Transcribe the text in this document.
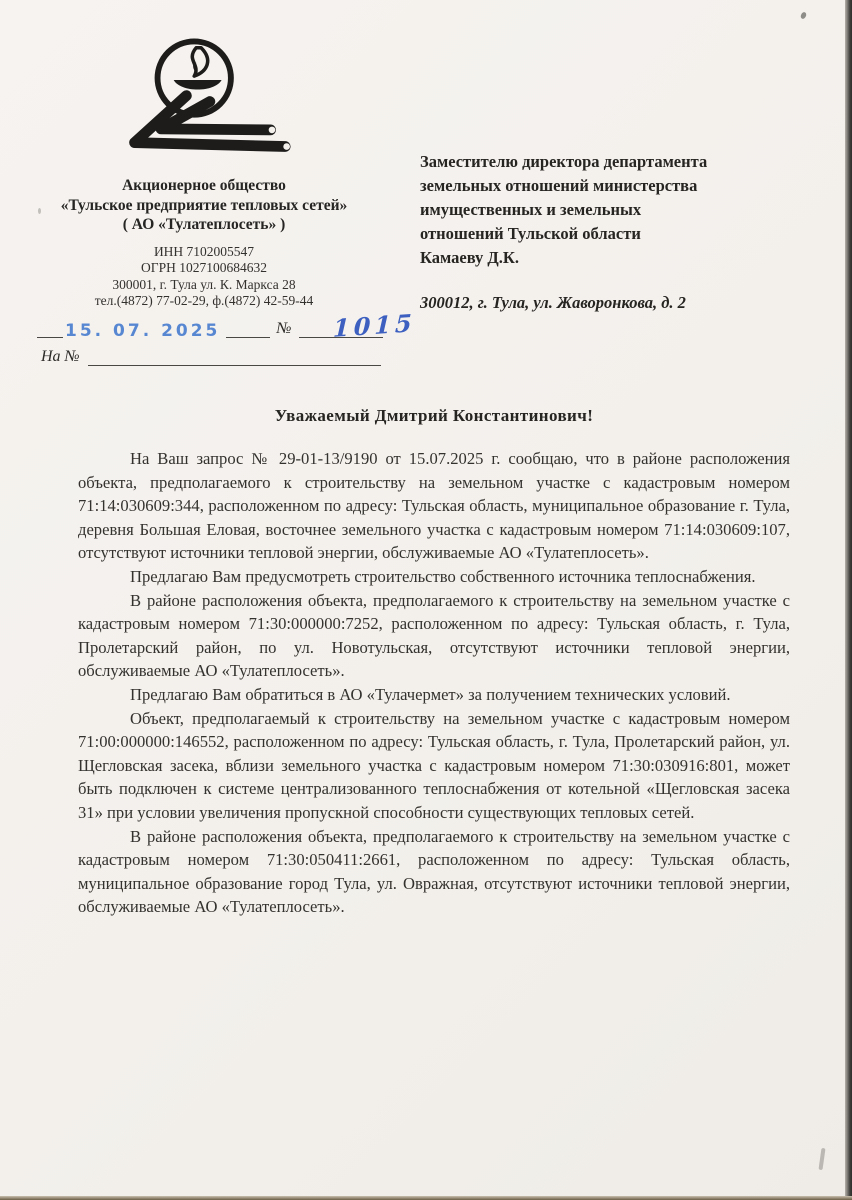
Акционерное общество
«Тульское предприятие тепловых сетей»
( АО «Тулатеплосеть» )
ИНН 7102005547
ОГРН 1027100684632
300001, г. Тула ул. К. Маркса 28
тел.(4872) 77-02-29, ф.(4872) 42-59-44
15. 07. 2025	№ 1015
На №
Заместителю директора департамента
земельных отношений министерства
имущественных и земельных
отношений Тульской области
Камаеву Д.К.
300012, г. Тула, ул. Жаворонкова, д. 2
Уважаемый Дмитрий Константинович!

На Ваш запрос № 29-01-13/9190 от 15.07.2025 г. сообщаю, что в районе расположения объекта, предполагаемого к строительству на земельном участке с кадастровым номером 71:14:030609:344, расположенном по адресу: Тульская область, муниципальное образование г. Тула, деревня Большая Еловая, восточнее земельного участка с кадастровым номером 71:14:030609:107, отсутствуют источники тепловой энергии, обслуживаемые АО «Тулатеплосеть».

Предлагаю Вам предусмотреть строительство собственного источника теплоснабжения.

В районе расположения объекта, предполагаемого к строительству на земельном участке с кадастровым номером 71:30:000000:7252, расположенном по адресу: Тульская область, г. Тула, Пролетарский район, по ул. Новотульская, отсутствуют источники тепловой энергии, обслуживаемые АО «Тулатеплосеть».

Предлагаю Вам обратиться в АО «Тулачермет» за получением технических условий.

Объект, предполагаемый к строительству на земельном участке с кадастровым номером 71:00:000000:146552, расположенном по адресу: Тульская область, г. Тула, Пролетарский район, ул. Щегловская засека, вблизи земельного участка с кадастровым номером 71:30:030916:801, может быть подключен к системе централизованного теплоснабжения от котельной «Щегловская засека 31» при условии увеличения пропускной способности существующих тепловых сетей.

В районе расположения объекта, предполагаемого к строительству на земельном участке с кадастровым номером 71:30:050411:2661, расположенном по адресу: Тульская область, муниципальное образование город Тула, ул. Овражная, отсутствуют источники тепловой энергии, обслуживаемые АО «Тулатеплосеть».
